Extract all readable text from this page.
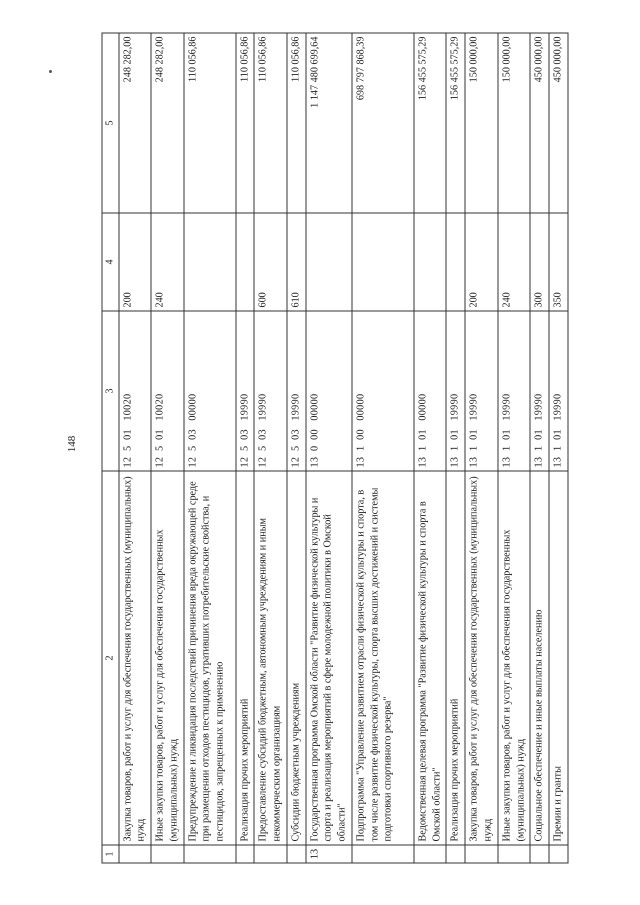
148
1	2	3	4	5
	Закупка товаров, работ и услуг для обеспечения государственных (муниципальных) нужд	12  5  01   10020	200	248 282,00
	Иные закупки товаров, работ и услуг для обеспечения государственных (муниципальных) нужд	12  5  01   10020	240	248 282,00
	Предупреждение и ликвидация последствий причинения вреда окружающей среде при размещении отходов пестицидов, утративших потребительские свойства, и пестицидов, запрещенных к применению	12  5  03   00000		110 056,86
	Реализация прочих мероприятий	12  5  03   19990		110 056,86
	Предоставление субсидий бюджетным, автономным учреждениям и иным некоммерческим организациям	12  5  03   19990	600	110 056,86
	Субсидии бюджетным учреждениям	12  5  03   19990	610	110 056,86
13	Государственная программа Омской области "Развитие физической культуры и спорта и реализация мероприятий в сфере молодежной политики в Омской области"	13  0  00   00000		1 147 480 699,64
	Подпрограмма "Управление развитием отрасли физической культуры и спорта, в том числе развитие физической культуры, спорта высших достижений и системы подготовки спортивного резерва"	13  1  00   00000		698 797 868,39
	Ведомственная целевая программа "Развитие физической культуры и спорта в Омской области"	13  1  01   00000		156 455 575,29
	Реализация прочих мероприятий	13  1  01   19990		156 455 575,29
	Закупка товаров, работ и услуг для обеспечения государственных (муниципальных) нужд	13  1  01   19990	200	150 000,00
	Иные закупки товаров, работ и услуг для обеспечения государственных (муниципальных) нужд	13  1  01   19990	240	150 000,00
	Социальное обеспечение и иные выплаты населению	13  1  01   19990	300	450 000,00
	Премии и гранты	13  1  01   19990	350	450 000,00
